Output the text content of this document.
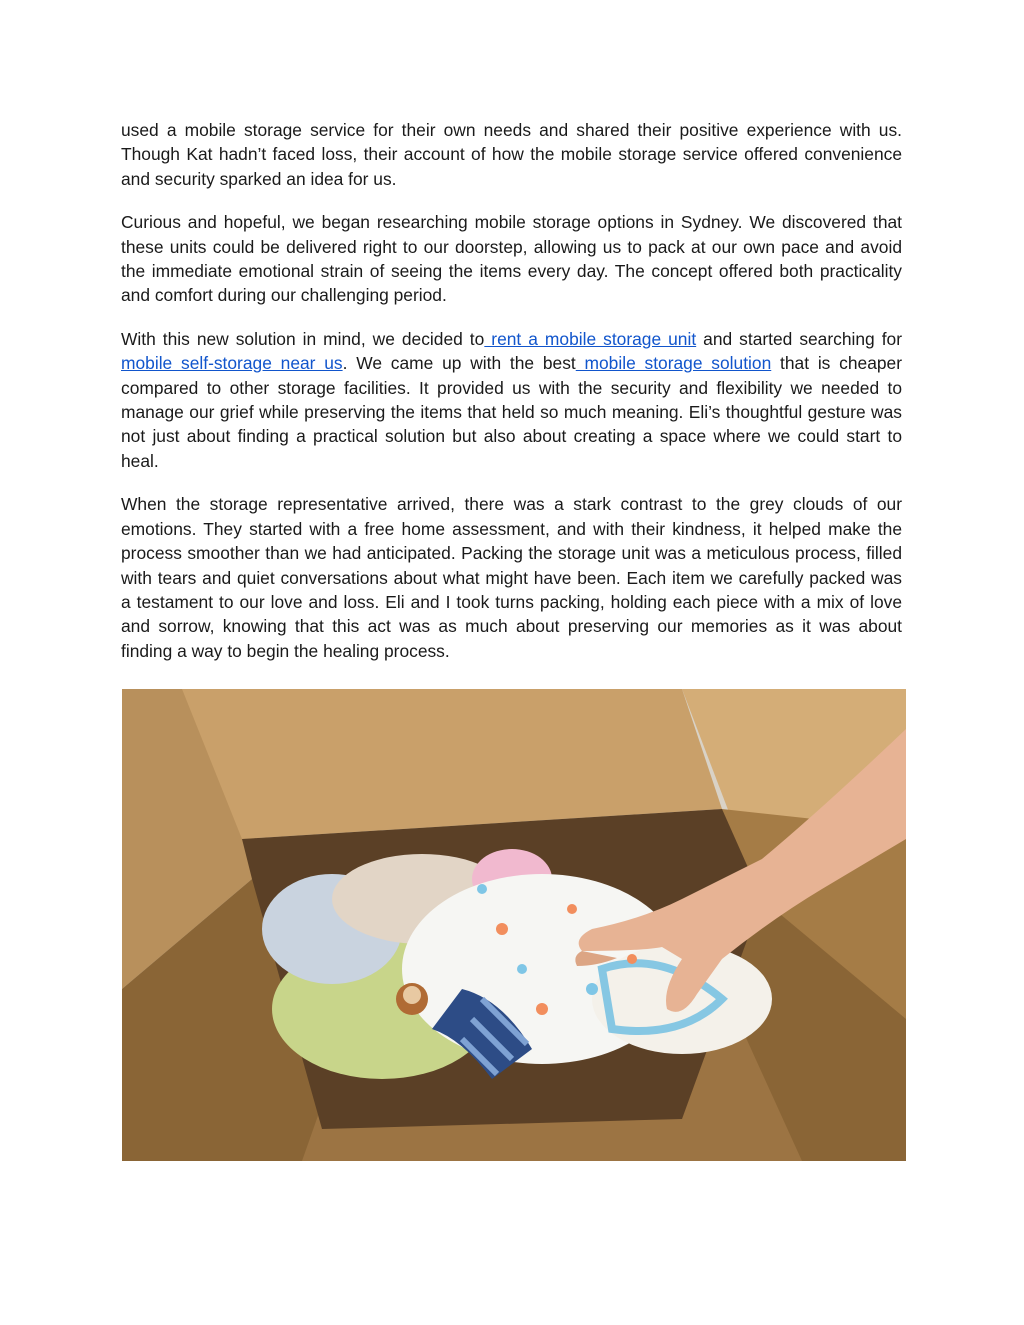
used a mobile storage service for their own needs and shared their positive experience with us. Though Kat hadn’t faced loss, their account of how the mobile storage service offered convenience and security sparked an idea for us.

Curious and hopeful, we began researching mobile storage options in Sydney. We discovered that these units could be delivered right to our doorstep, allowing us to pack at our own pace and avoid the immediate emotional strain of seeing the items every day. The concept offered both practicality and comfort during our challenging period.

With this new solution in mind, we decided to rent a mobile storage unit and started searching for mobile self-storage near us. We came up with the best mobile storage solution that is cheaper compared to other storage facilities. It provided us with the security and flexibility we needed to manage our grief while preserving the items that held so much meaning. Eli’s thoughtful gesture was not just about finding a practical solution but also about creating a space where we could start to heal.

When the storage representative arrived, there was a stark contrast to the grey clouds of our emotions. They started with a free home assessment, and with their kindness, it helped make the process smoother than we had anticipated. Packing the storage unit was a meticulous process, filled with tears and quiet conversations about what might have been. Each item we carefully packed was a testament to our love and loss. Eli and I took turns packing, holding each piece with a mix of love and sorrow, knowing that this act was as much about preserving our memories as it was about finding a way to begin the healing process.
